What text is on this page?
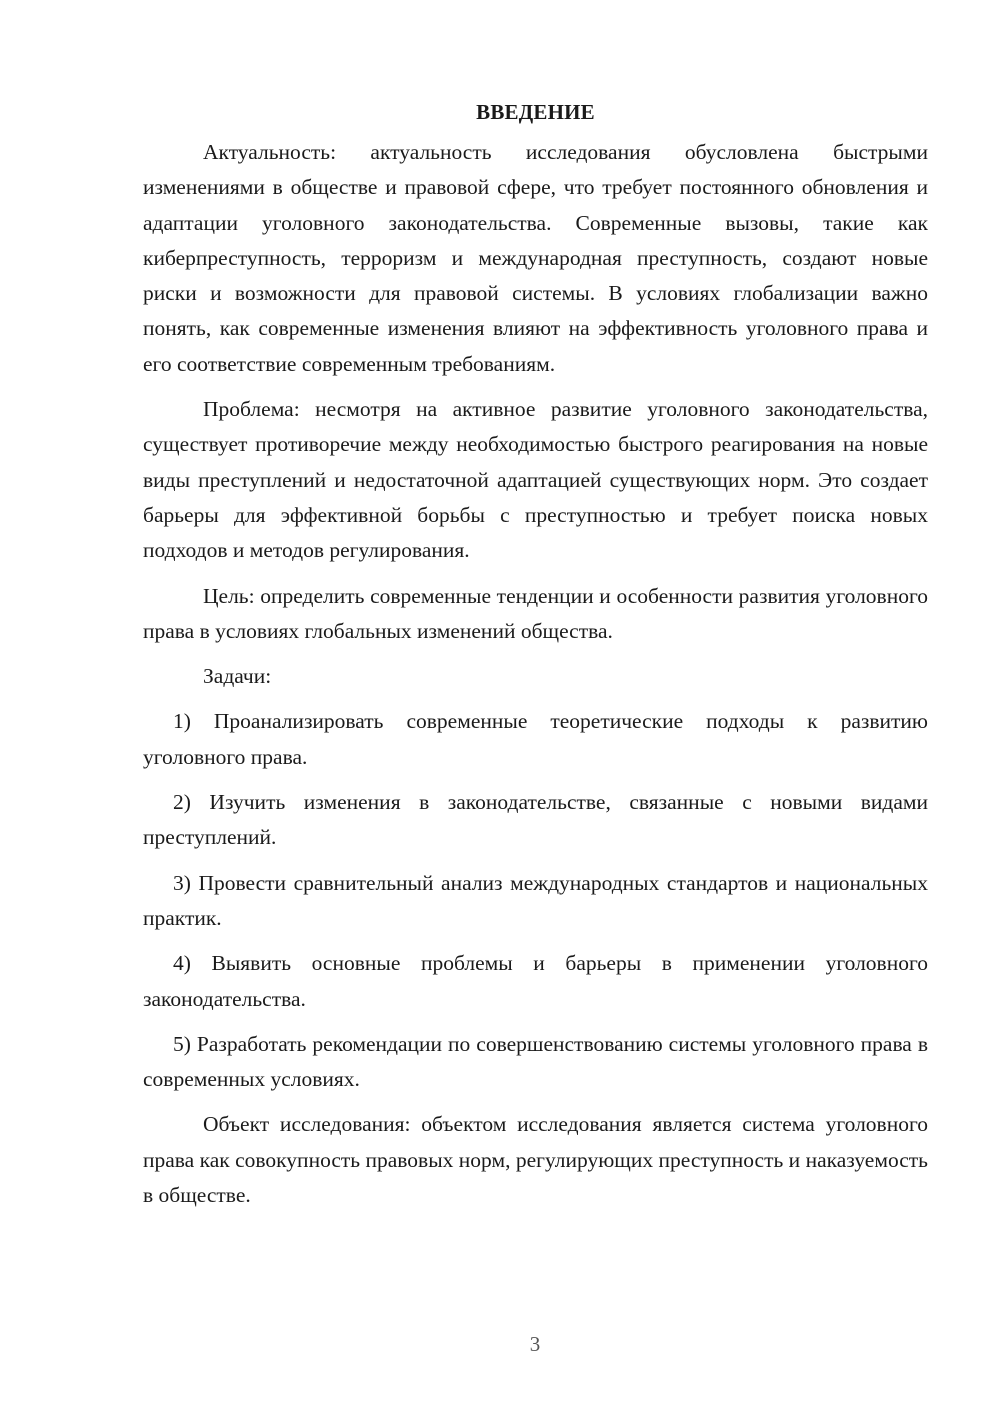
ВВЕДЕНИЕ

Актуальность: актуальность исследования обусловлена быстрыми изменениями в обществе и правовой сфере, что требует постоянного обновления и адаптации уголовного законодательства. Современные вызовы, такие как киберпреступность, терроризм и международная преступность, создают новые риски и возможности для правовой системы. В условиях глобализации важно понять, как современные изменения влияют на эффективность уголовного права и его соответствие современным требованиям.

Проблема: несмотря на активное развитие уголовного законодательства, существует противоречие между необходимостью быстрого реагирования на новые виды преступлений и недостаточной адаптацией существующих норм. Это создает барьеры для эффективной борьбы с преступностью и требует поиска новых подходов и методов регулирования.

Цель: определить современные тенденции и особенности развития уголовного права в условиях глобальных изменений общества.

Задачи:

1) Проанализировать современные теоретические подходы к развитию уголовного права.

2) Изучить изменения в законодательстве, связанные с новыми видами преступлений.

3) Провести сравнительный анализ международных стандартов и национальных практик.

4) Выявить основные проблемы и барьеры в применении уголовного законодательства.

5) Разработать рекомендации по совершенствованию системы уголовного права в современных условиях.

Объект исследования: объектом исследования является система уголовного права как совокупность правовых норм, регулирующих преступность и наказуемость в обществе.

3
